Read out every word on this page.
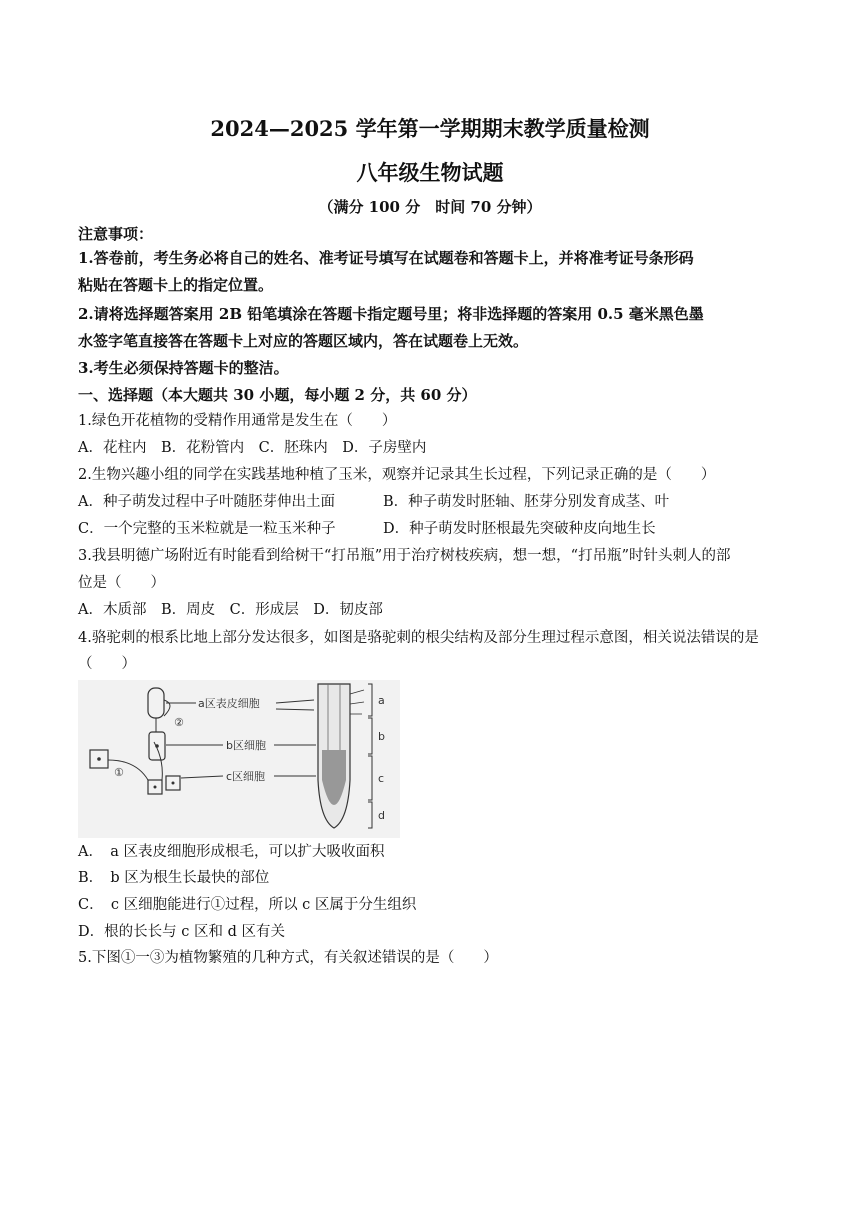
2024—2025 学年第一学期期末教学质量检测
八年级生物试题
（满分 100 分　时间 70 分钟）
注意事项：
1.答卷前，考生务必将自己的姓名、准考证号填写在试题卷和答题卡上，并将准考证号条形码
粘贴在答题卡上的指定位置。
2.请将选择题答案用 2B 铅笔填涂在答题卡指定题号里；将非选择题的答案用 0.5 毫米黑色墨
水签字笔直接答在答题卡上对应的答题区域内，答在试题卷上无效。
3.考生必须保持答题卡的整洁。
一、选择题（本大题共 30 小题，每小题 2 分，共 60 分）
1.绿色开花植物的受精作用通常是发生在（　　）
A．花柱内　B．花粉管内　C．胚珠内　D．子房壁内
2.生物兴趣小组的同学在实践基地种植了玉米，观察并记录其生长过程，下列记录正确的是（　　）
A．种子萌发过程中子叶随胚芽伸出土面	B．种子萌发时胚轴、胚芽分别发育成茎、叶
C．一个完整的玉米粒就是一粒玉米种子	D．种子萌发时胚根最先突破种皮向地生长
3.我县明德广场附近有时能看到给树干“打吊瓶”用于治疗树枝疾病，想一想，“打吊瓶”时针头刺人的部
位是（　　）
A．木质部　B．周皮　C．形成层　D．韧皮部
4.骆驼刺的根系比地上部分发达很多，如图是骆驼刺的根尖结构及部分生理过程示意图，相关说法错误的是
（　　）
②
①
a区表皮细胞
b区细胞
c区细胞
a
b
c
d
A．　a 区表皮细胞形成根毛，可以扩大吸收面积
B．　b 区为根生长最快的部位
C．　c 区细胞能进行①过程，所以 c 区属于分生组织
D．根的长长与 c 区和 d 区有关
5.下图①一③为植物繁殖的几种方式，有关叙述错误的是（　　）
